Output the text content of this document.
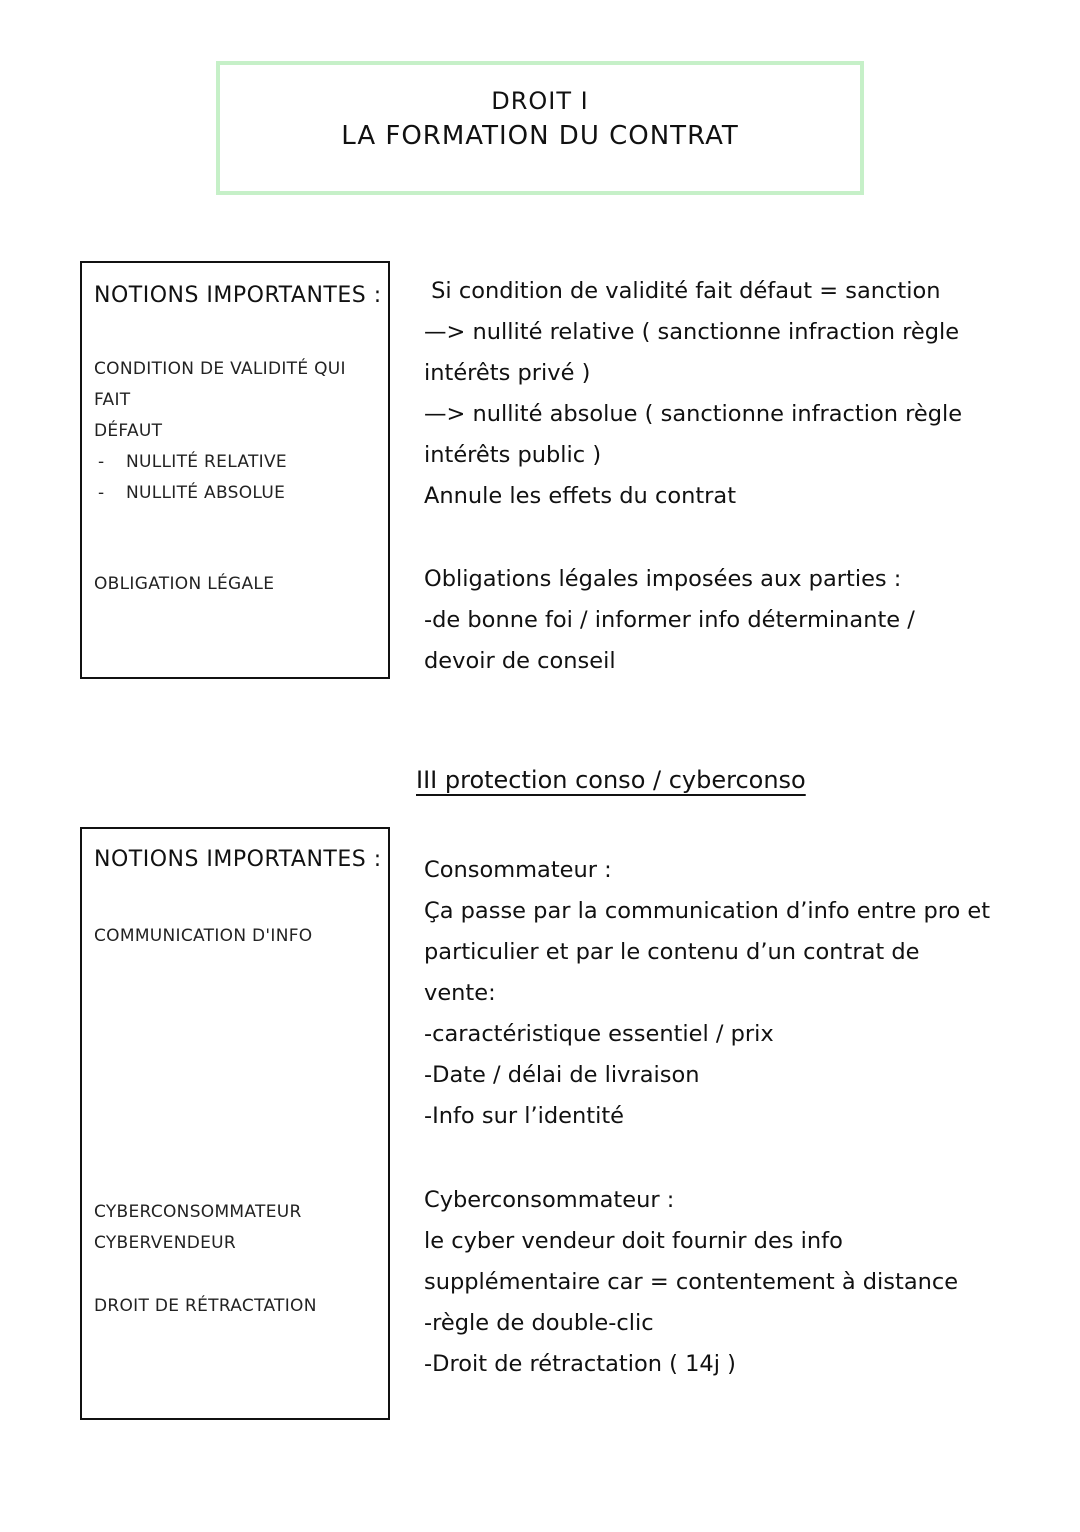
DROIT I
LA FORMATION DU CONTRAT
NOTIONS IMPORTANTES :
CONDITION DE VALIDITÉ QUI FAIT
DÉFAUT
- NULLITÉ RELATIVE
- NULLITÉ ABSOLUE
OBLIGATION LÉGALE
Si condition de validité fait défaut = sanction
—> nullité relative ( sanctionne infraction règle
intérêts privé )
—> nullité absolue ( sanctionne infraction règle
intérêts public )
Annule les effets du contrat
Obligations légales imposées aux parties :
-de bonne foi / informer info déterminante /
devoir de conseil
III protection conso / cyberconso
NOTIONS IMPORTANTES :
COMMUNICATION D'INFO
CYBERCONSOMMATEUR
CYBERVENDEUR
DROIT DE RÉTRACTATION
Consommateur :
Ça passe par la communication d’info entre pro et
particulier et par le contenu d’un contrat de
vente:
-caractéristique essentiel / prix
-Date / délai de livraison
-Info sur l’identité
Cyberconsommateur :
le cyber vendeur doit fournir des info
supplémentaire car = contentement à distance
-règle de double-clic
-Droit de rétractation ( 14j )
